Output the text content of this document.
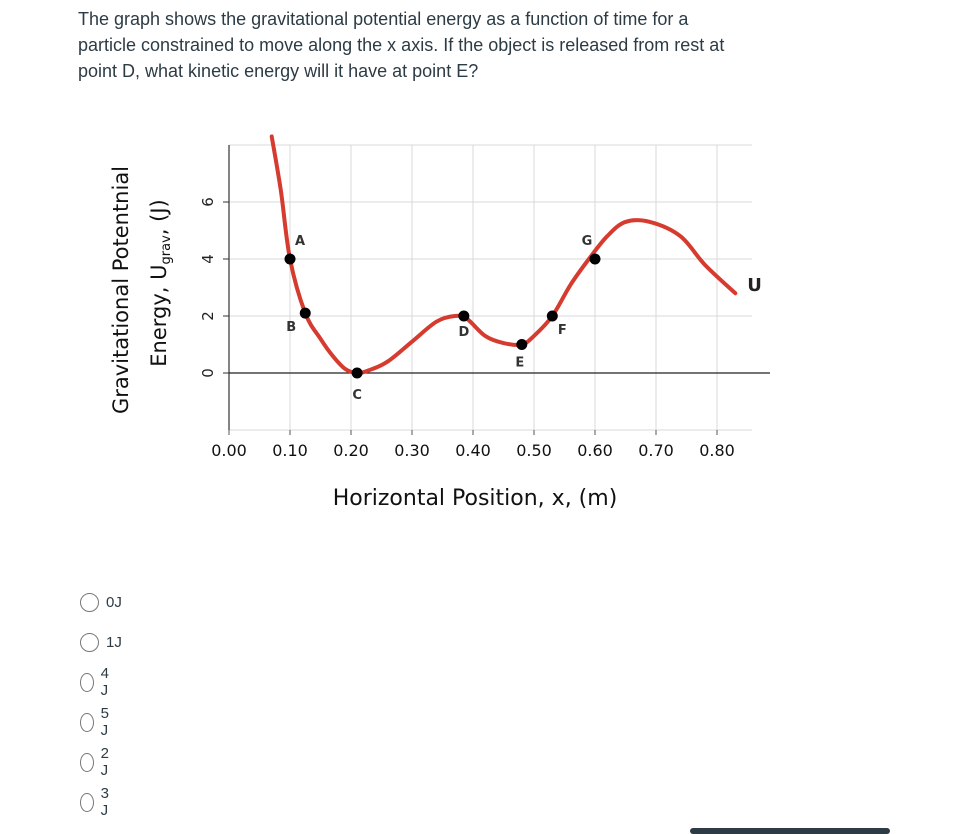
The graph shows the gravitational potential energy as a function of time for a
particle constrained to move along the x axis. If the object is released from rest at
point D, what kinetic energy will it have at point E?
0
2
4
6
0.00 0.10 0.20 0.30 0.40 0.50 0.60 0.70 0.80
U
A
B
C
D
E
F
G
Horizontal Position, x, (m)
Gravitational Potentnial Energy, Ugrav, (J)
0J
1J
4 J
5 J
2 J
3 J
